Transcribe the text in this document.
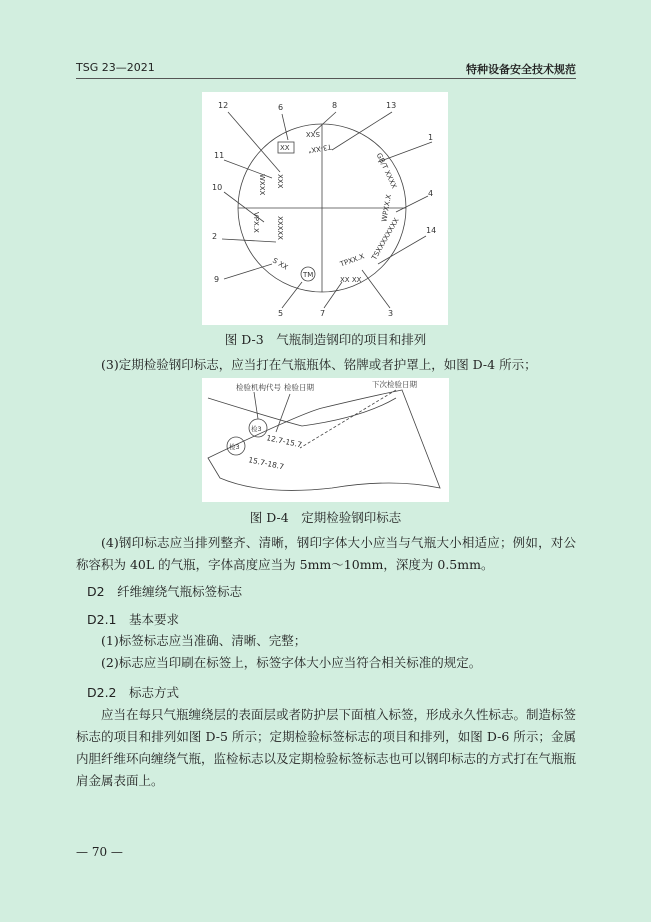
TSG 23—2021	特种设备安全技术规范
12	6	8	13
1
11
10
4
2
14
9
5	7	3
XX
SXX
T3-XX"
GB/T XXXX
WXXX XXX
VPX.X XXXXX
WPXX.X
TSXXXXXXXX
S XX
TM
TPXX.X
XX XX
图 D-3　气瓶制造钢印的项目和排列

(3)定期检验钢印标志，应当打在气瓶瓶体、铭牌或者护罩上，如图 D-4 所示；

检验机构代号 检验日期	下次检验日期
检3
检3	12.7-15.7
15.7-18.7
图 D-4　定期检验钢印标志

(4)钢印标志应当排列整齐、清晰，钢印字体大小应当与气瓶大小相适应；例如，对公称容积为 40L 的气瓶，字体高度应当为 5mm～10mm，深度为 0.5mm。

D2　纤维缠绕气瓶标签标志
D2.1　基本要求

(1)标签标志应当准确、清晰、完整；

(2)标志应当印刷在标签上，标签字体大小应当符合相关标准的规定。

D2.2　标志方式

应当在每只气瓶缠绕层的表面层或者防护层下面植入标签，形成永久性标志。制造标签标志的项目和排列如图 D-5 所示；定期检验标签标志的项目和排列，如图 D-6 所示；金属内胆纤维环向缠绕气瓶，监检标志以及定期检验标签标志也可以钢印标志的方式打在气瓶瓶肩金属表面上。

— 70 —
